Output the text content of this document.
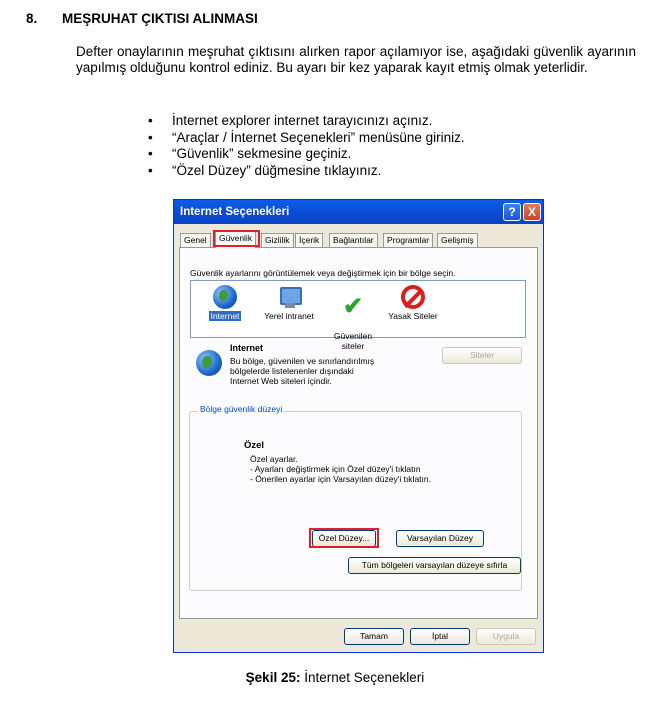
8. MEŞRUHAT ÇIKTISI ALINMASI
Defter onaylarının meşruhat çıktısını alırken rapor açılamıyor ise, aşağıdaki güvenlik ayarının yapılmış olduğunu kontrol ediniz. Bu ayarı bir kez yaparak kayıt etmiş olmak yeterlidir.
• İnternet explorer internet tarayıcınızı açınız.
• “Araçlar / İnternet Seçenekleri” menüsüne giriniz.
• “Güvenlik” sekmesine geçiniz.
• “Özel Düzey” düğmesine tıklayınız.
Internet Seçenekleri	?	X
Genel	Güvenlik	Gizlilik	İçerik	Bağlantılar	Programlar	Gelişmiş
Güvenlik ayarlarını görüntülemek veya değiştirmek için bir bölge seçin.
Internet	Yerel intranet ✔

Güvenilen
siteler

Yasak Siteler
Internet
Bu bölge, güvenilen ve sınırlandırılmış
bölgelerde listelenenler dışındaki
Internet Web siteleri içindir.
Siteler
Bölge güvenlik düzeyi
Özel
Özel ayarlar.
- Ayarları değiştirmek için Özel düzey'i tıklatın
- Önerilen ayarlar için Varsayılan düzey'i tıklatın.
Özel Düzey...	Varsayılan Düzey
Tüm bölgeleri varsayılan düzeye sıfırla
Tamam	İptal	Uygula
Şekil 25: İnternet Seçenekleri
